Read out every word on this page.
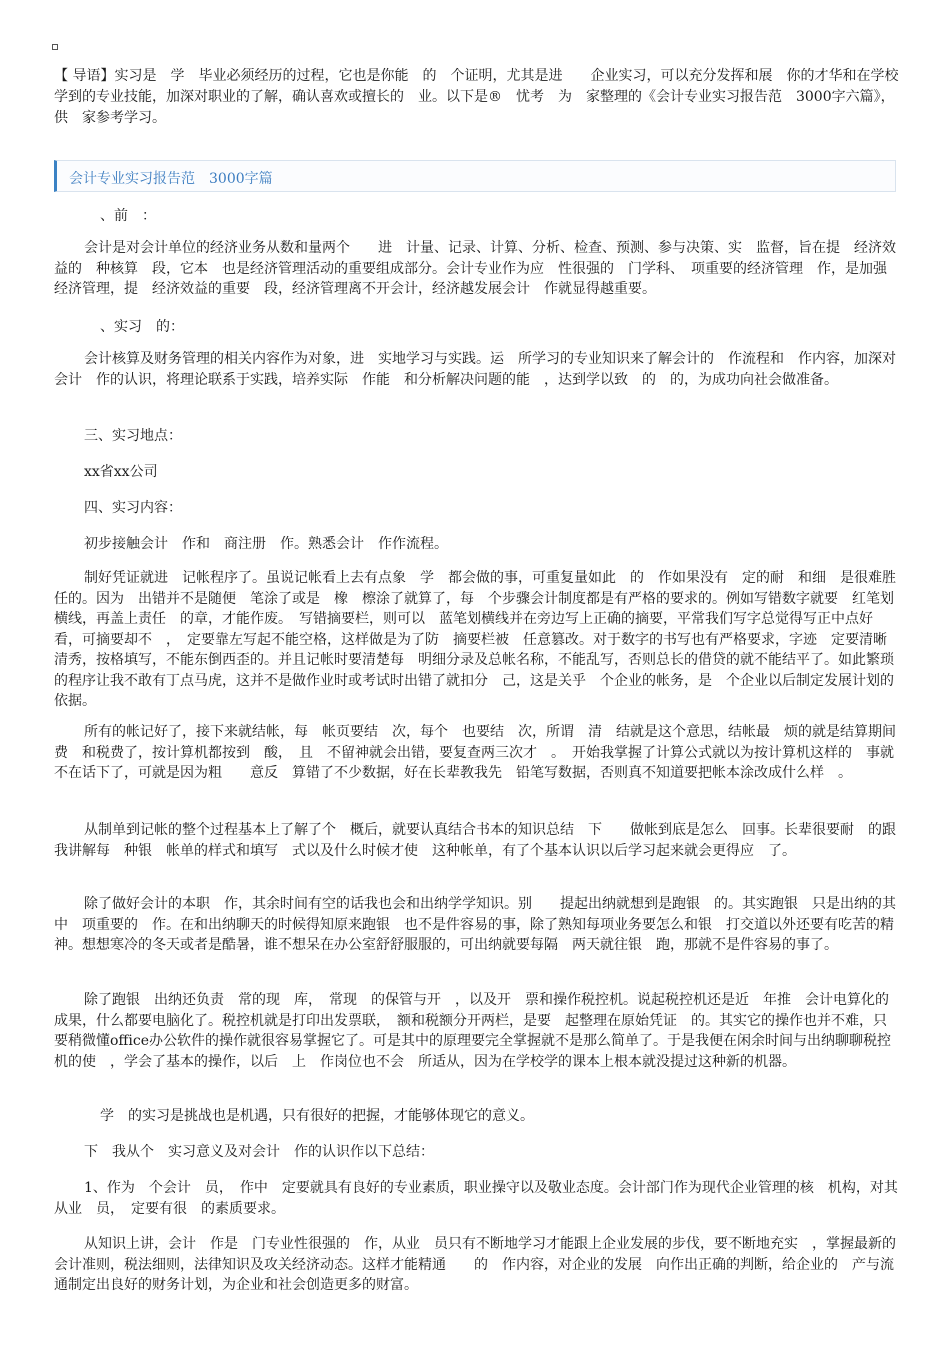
【 导语】实习是　学　毕业必须经历的过程，它也是你能　的　个证明，尤其是进　　企业实习，可以充分发挥和展　你的才华和在学校　学到的专业技能，加深对职业的了解，确认喜欢或擅长的　业。以下是®　忧考　为　家整理的《会计专业实习报告范　3000字六篇》，供　家参考学习。

会计专业实习报告范　3000字篇

、前　：

会计是对会计单位的经济业务从数和量两个　　进　计量、记录、计算、分析、检查、预测、参与决策、实　监督，旨在提　经济效益的　种核算　段，它本　也是经济管理活动的重要组成部分。会计专业作为应　性很强的　门学科、　项重要的经济管理　作，是加强经济管理，提　经济效益的重要　段，经济管理离不开会计，经济越发展会计　作就显得越重要。

、实习　的：

会计核算及财务管理的相关内容作为对象，进　实地学习与实践。运　所学习的专业知识来了解会计的　作流程和　作内容，加深对会计　作的认识，将理论联系于实践，培养实际　作能　和分析解决问题的能　，达到学以致　的　的，为成功向社会做准备。

三、实习地点：

xx省xx公司

四、实习内容：

初步接触会计　作和　商注册　作。熟悉会计　作作流程。

制好凭证就进　记帐程序了。虽说记帐看上去有点象　学　都会做的事，可重复量如此　的　作如果没有　定的耐　和细　是很难胜任的。因为　出错并不是随便　笔涂了或是　橡　檫涂了就算了，每　个步骤会计制度都是有严格的要求的。例如写错数字就要　红笔划横线，再盖上责任　的章，才能作废。　写错摘要栏，则可以　蓝笔划横线并在旁边写上正确的摘要，平常我们写字总觉得写正中点好看，可摘要却不　，　定要靠左写起不能空格，这样做是为了防　摘要栏被　任意篡改。对于数字的书写也有严格要求，字迹　定要清晰清秀，按格填写，不能东倒西歪的。并且记帐时要清楚每　明细分录及总帐名称，不能乱写，否则总长的借贷的就不能结平了。如此繁琐的程序让我不敢有丁点马虎，这并不是做作业时或考试时出错了就扣分　己，这是关乎　个企业的帐务，是　个企业以后制定发展计划的依据。

所有的帐记好了，接下来就结帐，每　帐页要结　次，每个　也要结　次，所谓　清　结就是这个意思，结帐最　烦的就是结算期间费　和税费了，按计算机都按到　酸，　且　不留神就会出错，要复查两三次才　。　开始我掌握了计算公式就以为按计算机这样的　事就不在话下了，可就是因为粗　　意反　算错了不少数据，好在长辈教我先　铅笔写数据，否则真不知道要把帐本涂改成什么样　。

从制单到记帐的整个过程基本上了解了个　概后，就要认真结合书本的知识总结　下　　做帐到底是怎么　回事。长辈很要耐　的跟我讲解每　种银　帐单的样式和填写　式以及什么时候才使　这种帐单，有了个基本认识以后学习起来就会更得应　了。

除了做好会计的本职　作，其余时间有空的话我也会和出纳学学知识。别　　提起出纳就想到是跑银　的。其实跑银　只是出纳的其中　项重要的　作。在和出纳聊天的时候得知原来跑银　也不是件容易的事，除了熟知每项业务要怎么和银　打交道以外还要有吃苦的精神。想想寒冷的冬天或者是酷暑，谁不想呆在办公室舒舒服服的，可出纳就要每隔　两天就往银　跑，那就不是件容易的事了。

除了跑银　出纳还负责　常的现　库，　常现　的保管与开　，以及开　票和操作税控机。说起税控机还是近　年推　会计电算化的成果，什么都要电脑化了。税控机就是打印出发票联，　额和税额分开两栏，是要　起整理在原始凭证　的。其实它的操作也并不难，只要稍微懂office办公软件的操作就很容易掌握它了。可是其中的原理要完全掌握就不是那么简单了。于是我便在闲余时间与出纳聊聊税控机的使　，学会了基本的操作，以后　上　作岗位也不会　所适从，因为在学校学的课本上根本就没提过这种新的机器。

学　的实习是挑战也是机遇，只有很好的把握，才能够体现它的意义。

下　我从个　实习意义及对会计　作的认识作以下总结：

1、作为　个会计　员，　作中　定要就具有良好的专业素质，职业操守以及敬业态度。会计部门作为现代企业管理的核　机构，对其从业　员，　定要有很　的素质要求。

从知识上讲，会计　作是　门专业性很强的　作，从业　员只有不断地学习才能跟上企业发展的步伐，要不断地充实　，掌握最新的会计准则，税法细则，法律知识及攻关经济动态。这样才能精通　　的　作内容，对企业的发展　向作出正确的判断，给企业的　产与流通制定出良好的财务计划，为企业和社会创造更多的财富。
